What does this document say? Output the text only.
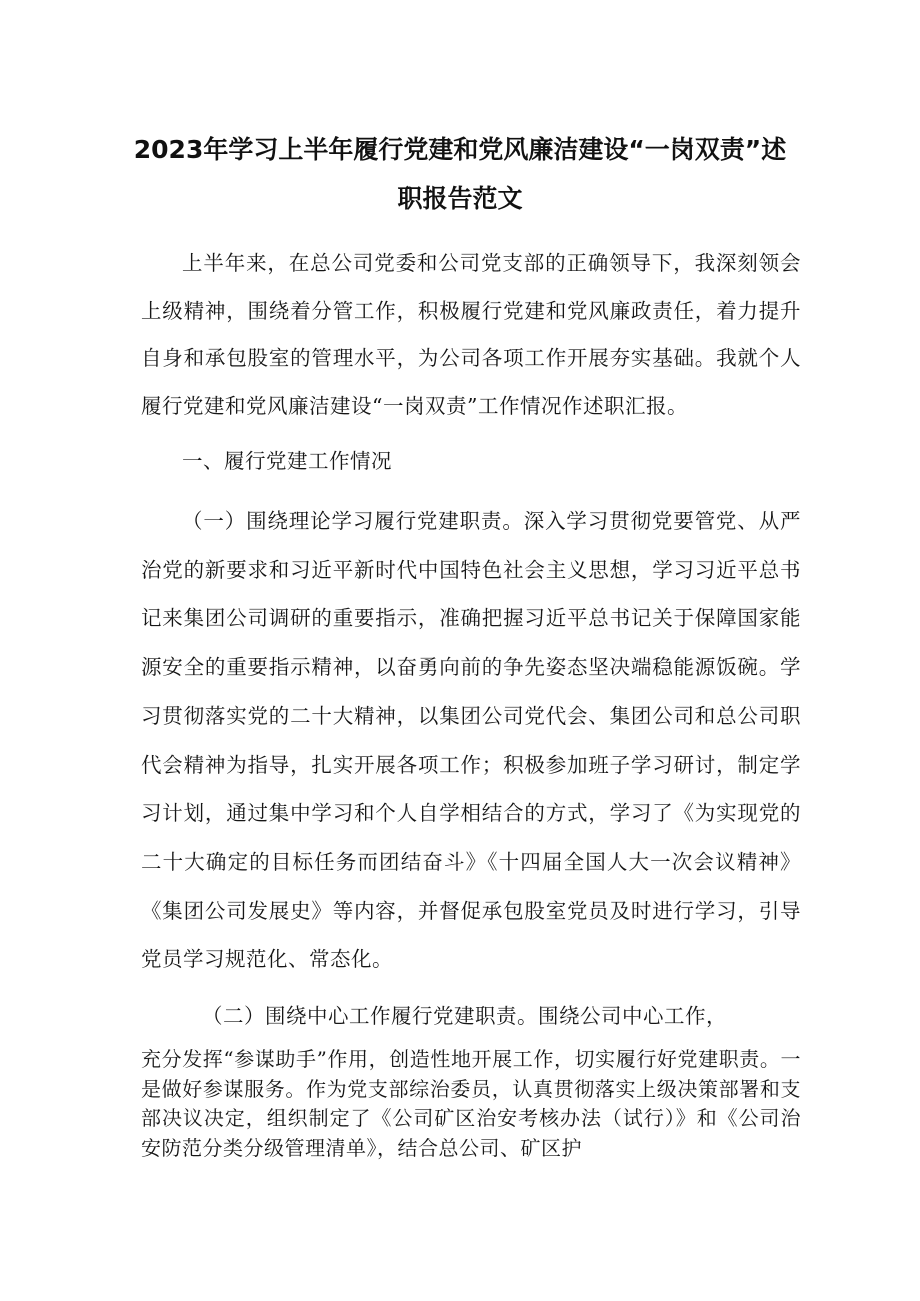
2023年学习上半年履行党建和党风廉洁建设“一岗双责”述
职报告范文

上半年来，在总公司党委和公司党支部的正确领导下，我深刻领会上级精神，围绕着分管工作，积极履行党建和党风廉政责任，着力提升自身和承包股室的管理水平，为公司各项工作开展夯实基础。我就个人履行党建和党风廉洁建设“一岗双责”工作情况作述职汇报。

一、履行党建工作情况

（一）围绕理论学习履行党建职责。深入学习贯彻党要管党、从严治党的新要求和习近平新时代中国特色社会主义思想，学习习近平总书记来集团公司调研的重要指示，准确把握习近平总书记关于保障国家能源安全的重要指示精神，以奋勇向前的争先姿态坚决端稳能源饭碗。学习贯彻落实党的二十大精神，以集团公司党代会、集团公司和总公司职代会精神为指导，扎实开展各项工作；积极参加班子学习研讨，制定学习计划，通过集中学习和个人自学相结合的方式，学习了《为实现党的二十大确定的目标任务而团结奋斗》《十四届全国人大一次会议精神》《集团公司发展史》等内容，并督促承包股室党员及时进行学习，引导党员学习规范化、常态化。

（二）围绕中心工作履行党建职责。围绕公司中心工作，

充分发挥“参谋助手”作用，创造性地开展工作，切实履行好党建职责。一是做好参谋服务。作为党支部综治委员，认真贯彻落实上级决策部署和支部决议决定，组织制定了《公司矿区治安考核办法（试行）》和《公司治安防范分类分级管理清单》，结合总公司、矿区护
